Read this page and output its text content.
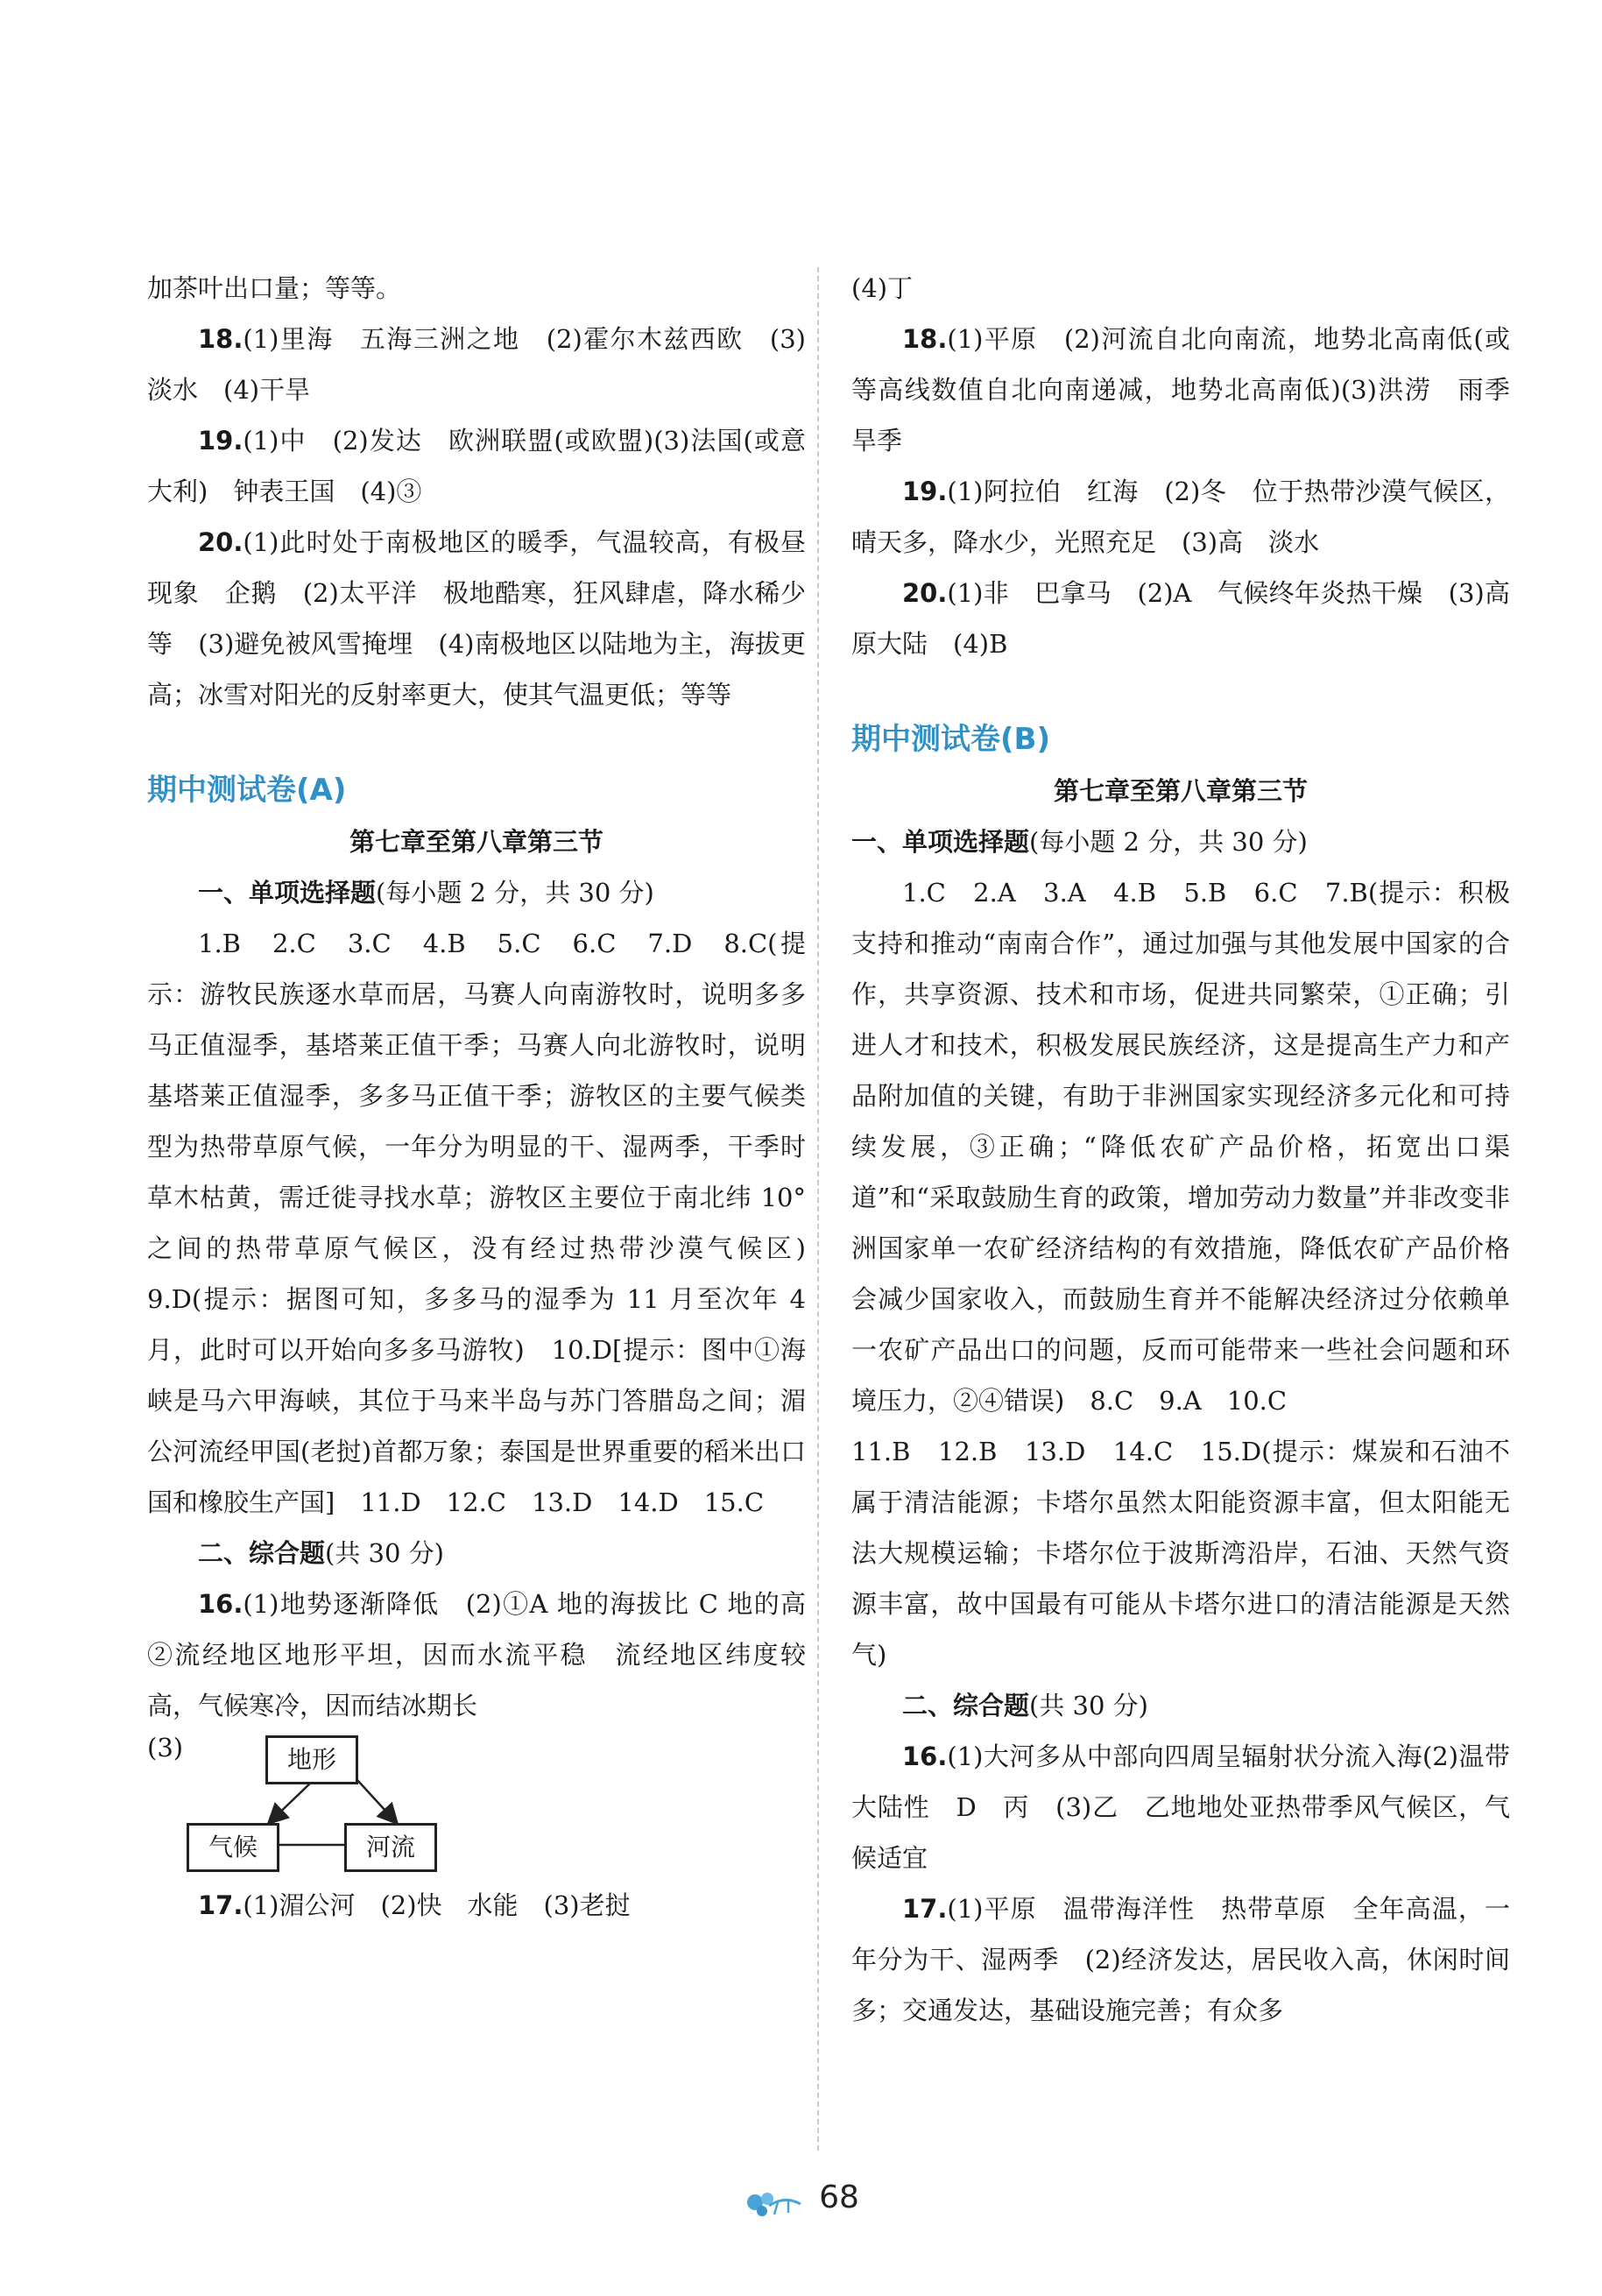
加茶叶出口量；等等。

18.(1)里海　五海三洲之地　(2)霍尔木兹西欧　(3)淡水　(4)干旱

19.(1)中　(2)发达　欧洲联盟(或欧盟)(3)法国(或意大利)　钟表王国　(4)③

20.(1)此时处于南极地区的暖季，气温较高，有极昼现象　企鹅　(2)太平洋　极地酷寒，狂风肆虐，降水稀少等　(3)避免被风雪掩埋　(4)南极地区以陆地为主，海拔更高；冰雪对阳光的反射率更大，使其气温更低；等等

期中测试卷(A)

第七章至第八章第三节

一、单项选择题(每小题 2 分，共 30 分)

1.B　2.C　3.C　4.B　5.C　6.C　7.D　8.C(提示：游牧民族逐水草而居，马赛人向南游牧时，说明多多马正值湿季，基塔莱正值干季；马赛人向北游牧时，说明基塔莱正值湿季，多多马正值干季；游牧区的主要气候类型为热带草原气候，一年分为明显的干、湿两季，干季时草木枯黄，需迁徙寻找水草；游牧区主要位于南北纬 10°之间的热带草原气候区，没有经过热带沙漠气候区)　9.D(提示：据图可知，多多马的湿季为 11 月至次年 4 月，此时可以开始向多多马游牧)　10.D[提示：图中①海峡是马六甲海峡，其位于马来半岛与苏门答腊岛之间；湄公河流经甲国(老挝)首都万象；泰国是世界重要的稻米出口国和橡胶生产国]　11.D　12.C　13.D　14.D　15.C

二、综合题(共 30 分)

16.(1)地势逐渐降低　(2)①A 地的海拔比 C 地的高　②流经地区地形平坦，因而水流平稳　流经地区纬度较高，气候寒冷，因而结冰期长

(3)	地形
气候	河流

17.(1)湄公河　(2)快　水能　(3)老挝

(4)丁

18.(1)平原　(2)河流自北向南流，地势北高南低(或等高线数值自北向南递减，地势北高南低)(3)洪涝　雨季　旱季

19.(1)阿拉伯　红海　(2)冬　位于热带沙漠气候区，晴天多，降水少，光照充足　(3)高　淡水

20.(1)非　巴拿马　(2)A　气候终年炎热干燥　(3)高原大陆　(4)B

期中测试卷(B)

第七章至第八章第三节

一、单项选择题(每小题 2 分，共 30 分)

1.C　2.A　3.A　4.B　5.B　6.C　7.B(提示：积极支持和推动“南南合作”，通过加强与其他发展中国家的合作，共享资源、技术和市场，促进共同繁荣，①正确；引进人才和技术，积极发展民族经济，这是提高生产力和产品附加值的关键，有助于非洲国家实现经济多元化和可持续发展，③正确；“降低农矿产品价格，拓宽出口渠道”和“采取鼓励生育的政策，增加劳动力数量”并非改变非洲国家单一农矿经济结构的有效措施，降低农矿产品价格会减少国家收入，而鼓励生育并不能解决经济过分依赖单一农矿产品出口的问题，反而可能带来一些社会问题和环境压力，②④错误)　8.C　9.A　10.C

11.B　12.B　13.D　14.C　15.D(提示：煤炭和石油不属于清洁能源；卡塔尔虽然太阳能资源丰富，但太阳能无法大规模运输；卡塔尔位于波斯湾沿岸，石油、天然气资源丰富，故中国最有可能从卡塔尔进口的清洁能源是天然气)

二、综合题(共 30 分)

16.(1)大河多从中部向四周呈辐射状分流入海(2)温带大陆性　D　丙　(3)乙　乙地地处亚热带季风气候区，气候适宜

17.(1)平原　温带海洋性　热带草原　全年高温，一年分为干、湿两季　(2)经济发达，居民收入高，休闲时间多；交通发达，基础设施完善；有众多

68
